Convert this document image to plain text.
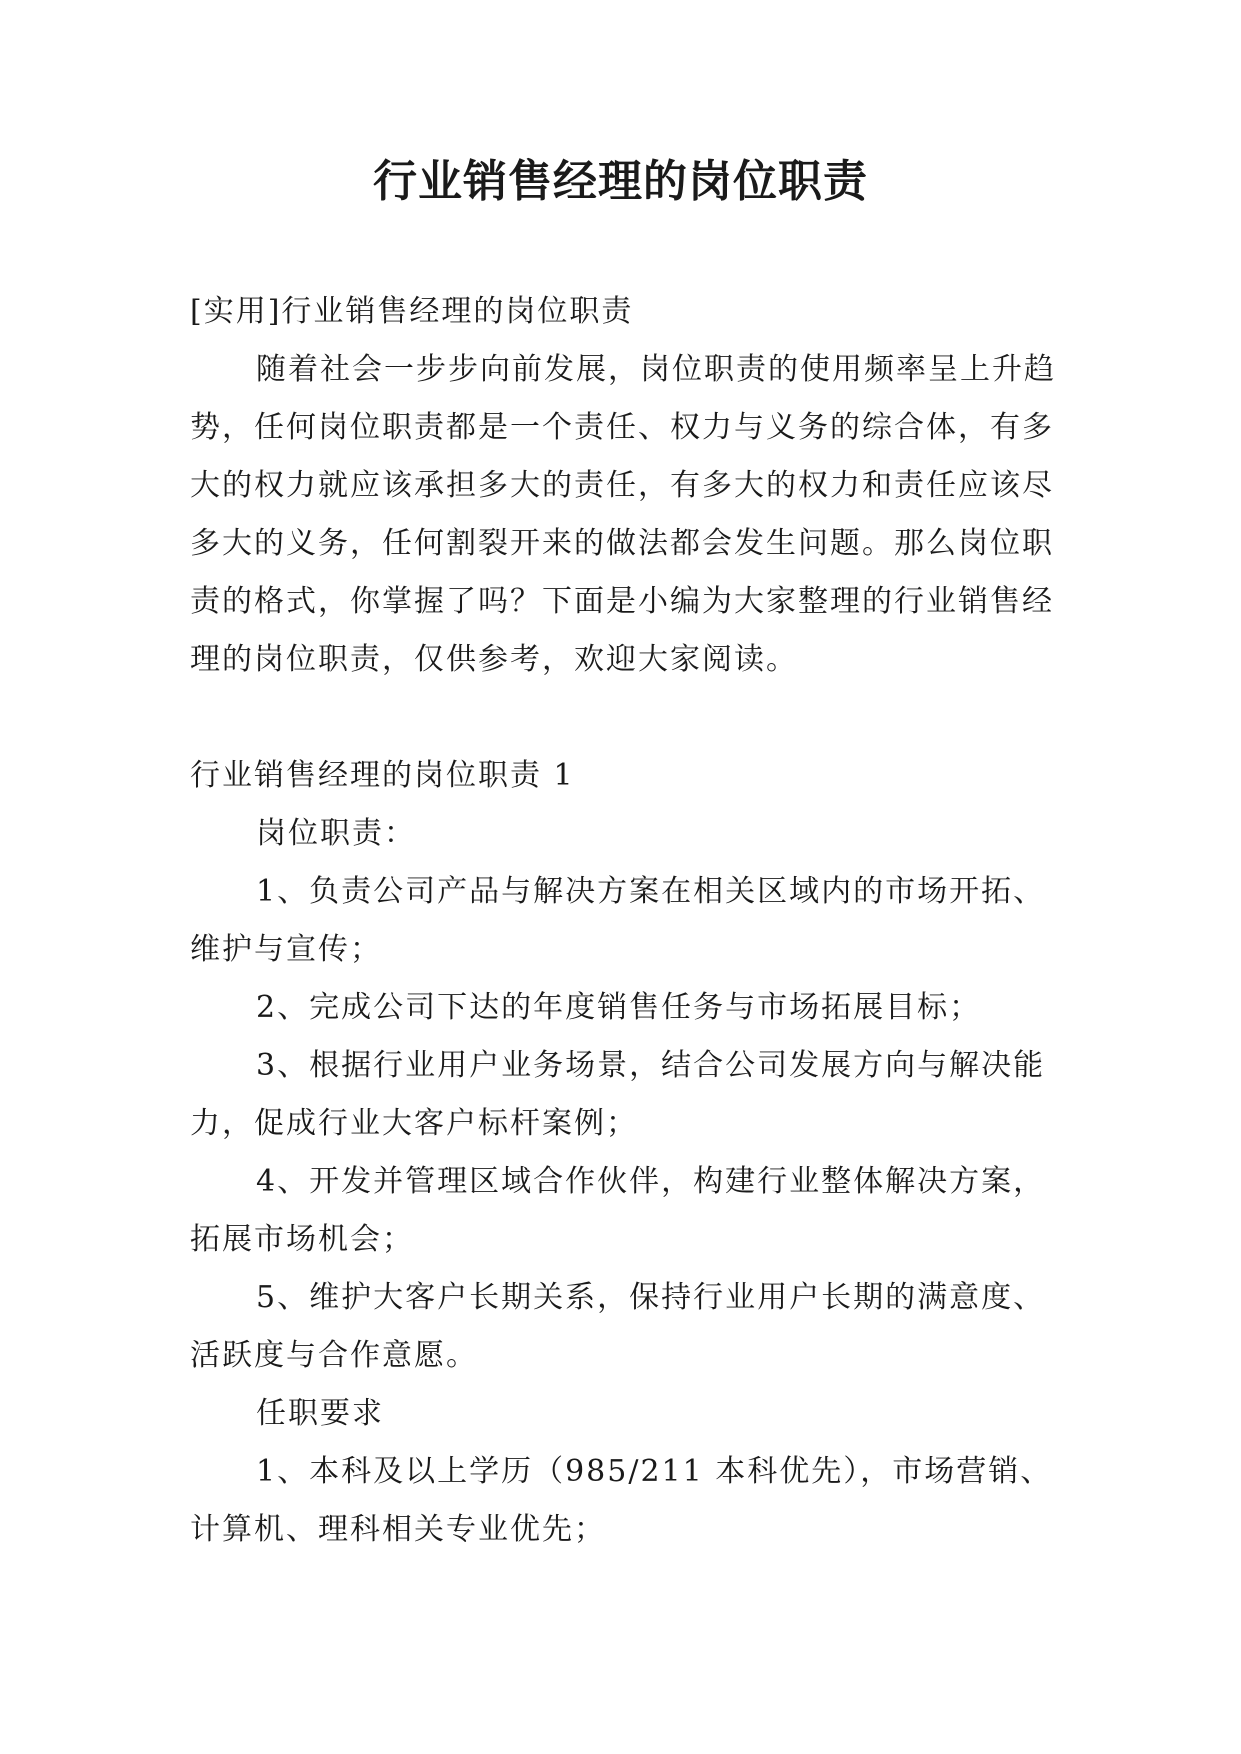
行业销售经理的岗位职责

[实用]行业销售经理的岗位职责

随着社会一步步向前发展，岗位职责的使用频率呈上升趋势，任何岗位职责都是一个责任、权力与义务的综合体，有多大的权力就应该承担多大的责任，有多大的权力和责任应该尽多大的义务，任何割裂开来的做法都会发生问题。那么岗位职责的格式，你掌握了吗？下面是小编为大家整理的行业销售经理的岗位职责，仅供参考，欢迎大家阅读。

行业销售经理的岗位职责 1

岗位职责：

1、负责公司产品与解决方案在相关区域内的市场开拓、维护与宣传；

2、完成公司下达的年度销售任务与市场拓展目标；

3、根据行业用户业务场景，结合公司发展方向与解决能力，促成行业大客户标杆案例；

4、开发并管理区域合作伙伴，构建行业整体解决方案，拓展市场机会；

5、维护大客户长期关系，保持行业用户长期的满意度、活跃度与合作意愿。

任职要求

1、本科及以上学历（985/211 本科优先），市场营销、计算机、理科相关专业优先；
